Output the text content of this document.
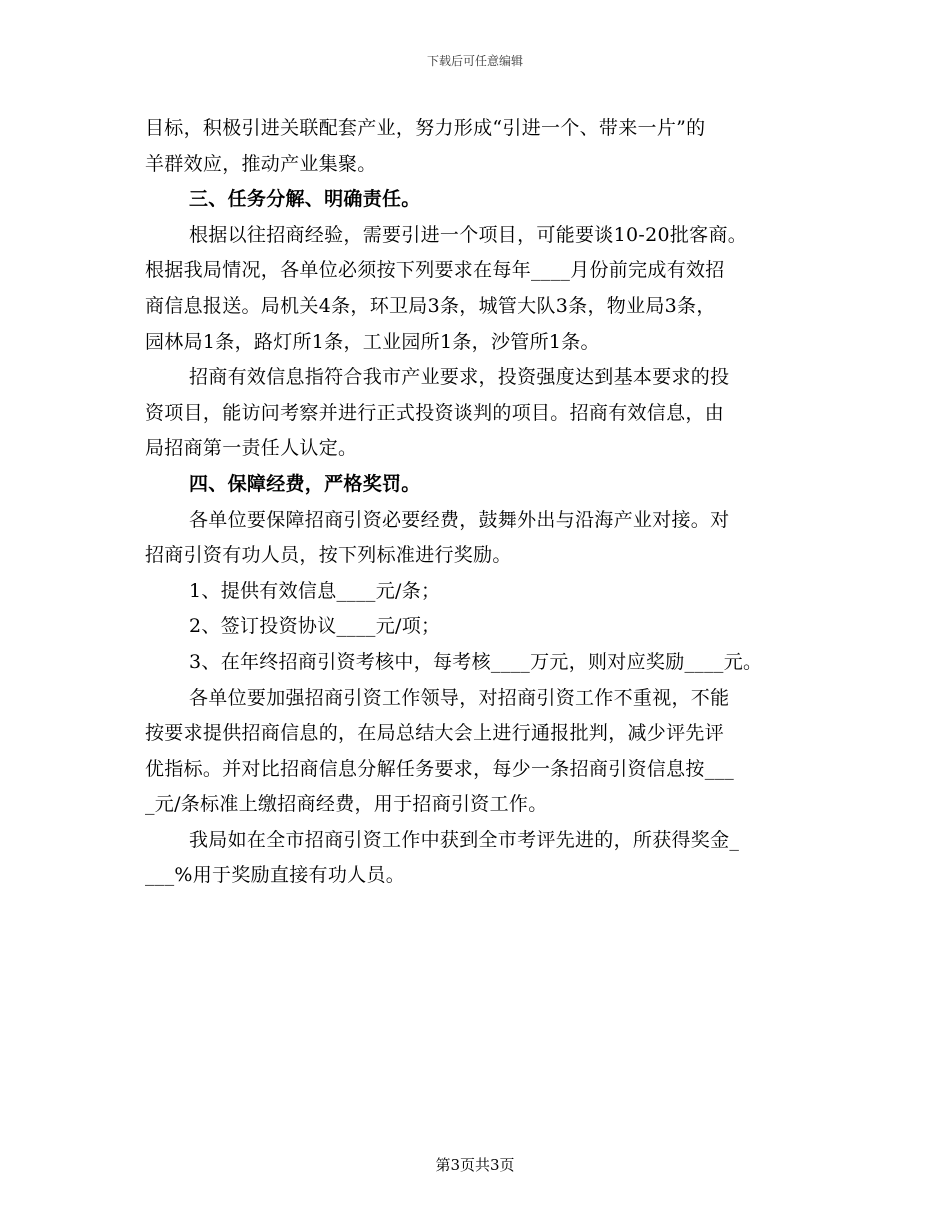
下载后可任意编辑
目标，积极引进关联配套产业，努力形成“引进一个、带来一片”的
羊群效应，推动产业集聚。
三、任务分解、明确责任。
根据以往招商经验，需要引进一个项目，可能要谈10-20批客商。
根据我局情况，各单位必须按下列要求在每年____月份前完成有效招
商信息报送。局机关4条，环卫局3条，城管大队3条，物业局3条，
园林局1条，路灯所1条，工业园所1条，沙管所1条。
招商有效信息指符合我市产业要求，投资强度达到基本要求的投
资项目，能访问考察并进行正式投资谈判的项目。招商有效信息，由
局招商第一责任人认定。
四、保障经费，严格奖罚。
各单位要保障招商引资必要经费，鼓舞外出与沿海产业对接。对
招商引资有功人员，按下列标准进行奖励。
1、提供有效信息____元/条；
2、签订投资协议____元/项；
3、在年终招商引资考核中，每考核____万元，则对应奖励____元。
各单位要加强招商引资工作领导，对招商引资工作不重视，不能
按要求提供招商信息的，在局总结大会上进行通报批判，减少评先评
优指标。并对比招商信息分解任务要求，每少一条招商引资信息按___
_元/条标准上缴招商经费，用于招商引资工作。
我局如在全市招商引资工作中获到全市考评先进的，所获得奖金_
___%用于奖励直接有功人员。
第3页共3页
